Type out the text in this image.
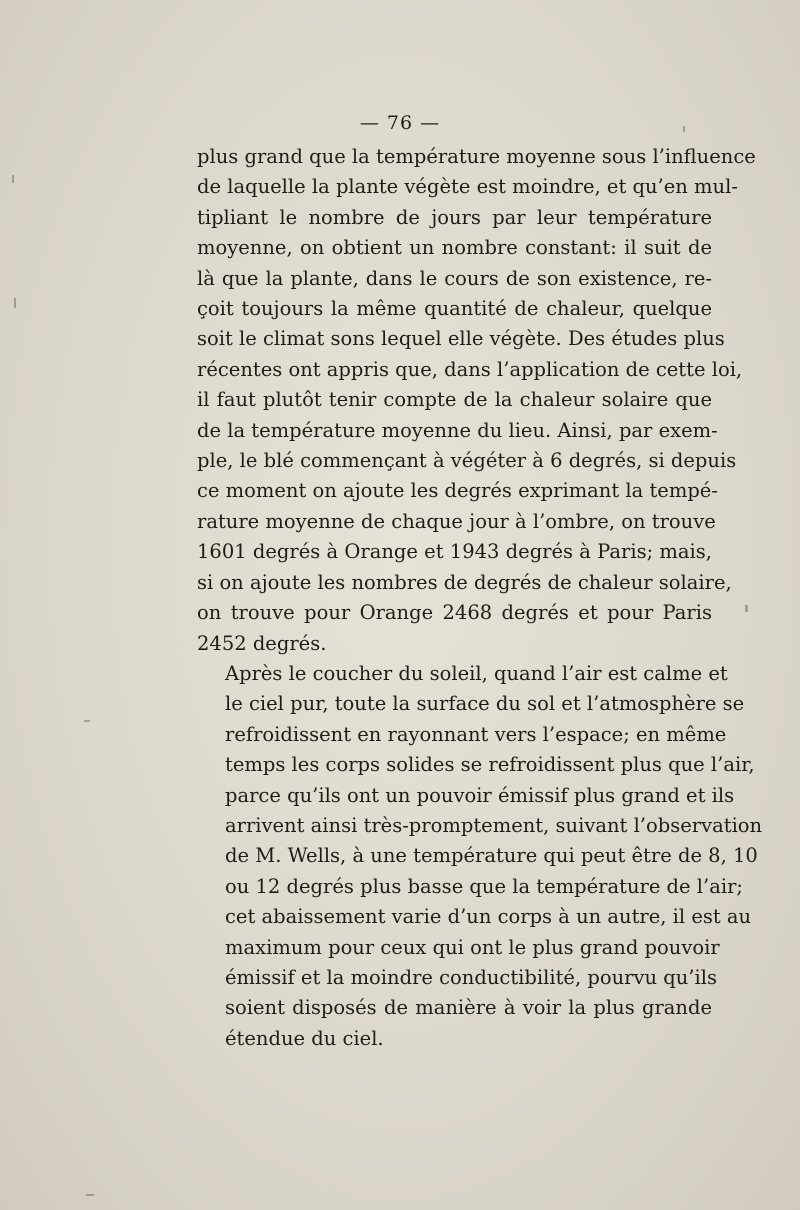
— 76 —

plus grand que la température moyenne sous l’influence
de laquelle la plante végète est moindre, et qu’en mul-
tipliant le nombre de jours par leur température
moyenne, on obtient un nombre constant: il suit de
là que la plante, dans le cours de son existence, re-
çoit toujours la même quantité de chaleur, quelque
soit le climat sons lequel elle végète. Des études plus
récentes ont appris que, dans l’application de cette loi,
il faut plutôt tenir compte de la chaleur solaire que
de la température moyenne du lieu. Ainsi, par exem-
ple, le blé commençant à végéter à 6 degrés, si depuis
ce moment on ajoute les degrés exprimant la tempé-
rature moyenne de chaque jour à l’ombre, on trouve
1601 degrés à Orange et 1943 degrés à Paris; mais,
si on ajoute les nombres de degrés de chaleur solaire,
on trouve pour Orange 2468 degrés et pour Paris
2452 degrés.

Après le coucher du soleil, quand l’air est calme et
le ciel pur, toute la surface du sol et l’atmosphère se
refroidissent en rayonnant vers l’espace; en même
temps les corps solides se refroidissent plus que l’air,
parce qu’ils ont un pouvoir émissif plus grand et ils
arrivent ainsi très-promptement, suivant l’observation
de M. Wells, à une température qui peut être de 8, 10
ou 12 degrés plus basse que la température de l’air;
cet abaissement varie d’un corps à un autre, il est au
maximum pour ceux qui ont le plus grand pouvoir
émissif et la moindre conductibilité, pourvu qu’ils
soient disposés de manière à voir la plus grande
étendue du ciel.
